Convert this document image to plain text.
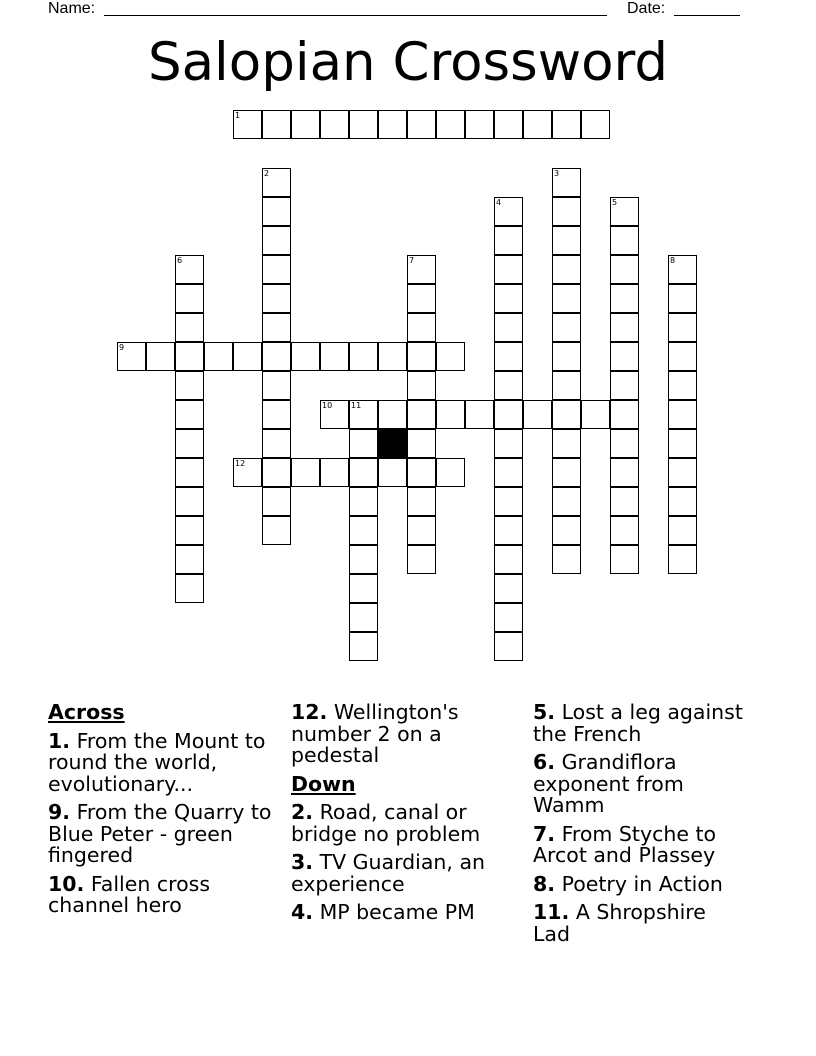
Name:	Date:
Salopian Crossword
1
9
10 11
12
2	3
4	5
6	7	8
Across
1. From the Mount to round the world, evolutionary...
9. From the Quarry to Blue Peter - green fingered
10. Fallen cross channel hero
12. Wellington's number 2 on a pedestal
Down
2. Road, canal or bridge no problem
3. TV Guardian, an experience
4. MP became PM
5. Lost a leg against the French
6. Grandiflora exponent from Wamm
7. From Styche to Arcot and Plassey
8. Poetry in Action
11. A Shropshire Lad
